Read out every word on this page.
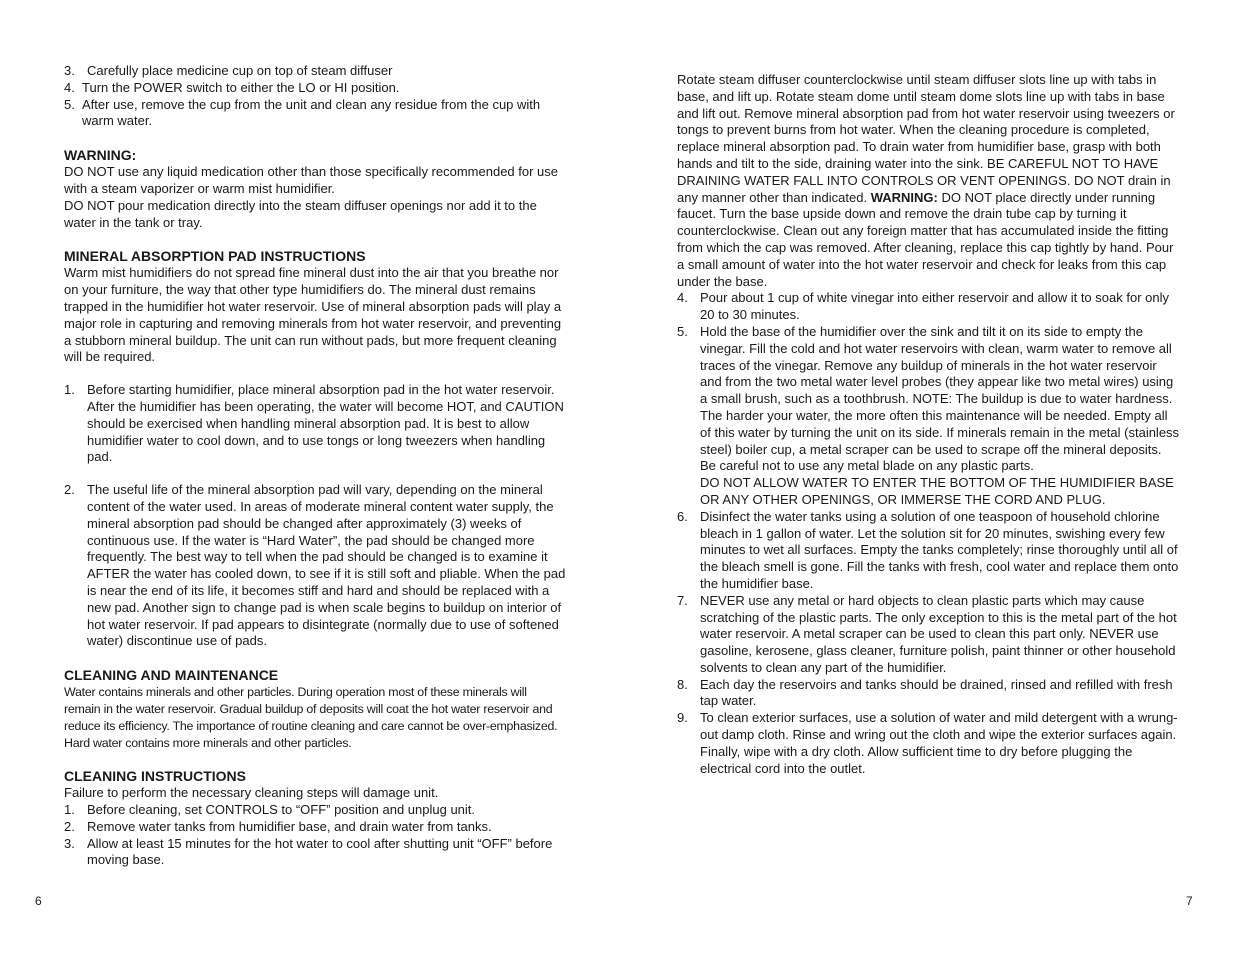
3. Carefully place medicine cup on top of steam diffuser
4. Turn the POWER switch to either the LO or HI position.
5. After use, remove the cup from the unit and clean any residue from the cup with warm water.
WARNING:

DO NOT use any liquid medication other than those specifically recommended for use with a steam vaporizer or warm mist humidifier.

DO NOT pour medication directly into the steam diffuser openings nor add it to the water in the tank or tray.

MINERAL ABSORPTION PAD INSTRUCTIONS

Warm mist humidifiers do not spread fine mineral dust into the air that you breathe nor on your furniture, the way that other type humidifiers do. The mineral dust remains trapped in the humidifier hot water reservoir. Use of mineral absorption pads will play a major role in capturing and removing minerals from hot water reservoir, and preventing a stubborn mineral buildup. The unit can run without pads, but more frequent cleaning will be required.

1. Before starting humidifier, place mineral absorption pad in the hot water reservoir. After the humidifier has been operating, the water will become HOT, and CAUTION should be exercised when handling mineral absorption pad. It is best to allow humidifier water to cool down, and to use tongs or long tweezers when handling pad.
2. The useful life of the mineral absorption pad will vary, depending on the mineral content of the water used. In areas of moderate mineral content water supply, the mineral absorption pad should be changed after approximately (3) weeks of continuous use. If the water is “Hard Water”, the pad should be changed more frequently. The best way to tell when the pad should be changed is to examine it AFTER the water has cooled down, to see if it is still soft and pliable. When the pad is near the end of its life, it becomes stiff and hard and should be replaced with a new pad. Another sign to change pad is when scale begins to buildup on interior of hot water reservoir. If pad appears to disintegrate (normally due to use of softened water) discontinue use of pads.
CLEANING AND MAINTENANCE

Water contains minerals and other particles. During operation most of these minerals will remain in the water reservoir. Gradual buildup of deposits will coat the hot water reservoir and reduce its efficiency. The importance of routine cleaning and care cannot be over-emphasized. Hard water contains more minerals and other particles.

CLEANING INSTRUCTIONS

Failure to perform the necessary cleaning steps will damage unit.

1. Before cleaning, set CONTROLS to “OFF” position and unplug unit.
2. Remove water tanks from humidifier base, and drain water from tanks.
3. Allow at least 15 minutes for the hot water to cool after shutting unit “OFF” before moving base.
6

Rotate steam diffuser counterclockwise until steam diffuser slots line up with tabs in base, and lift up. Rotate steam dome until steam dome slots line up with tabs in base and lift out. Remove mineral absorption pad from hot water reservoir using tweezers or tongs to prevent burns from hot water. When the cleaning procedure is completed, replace mineral absorption pad. To drain water from humidifier base, grasp with both hands and tilt to the side, draining water into the sink. BE CAREFUL NOT TO HAVE DRAINING WATER FALL INTO CONTROLS OR VENT OPENINGS. DO NOT drain in any manner other than indicated. WARNING: DO NOT place directly under running faucet. Turn the base upside down and remove the drain tube cap by turning it counterclockwise. Clean out any foreign matter that has accumulated inside the fitting from which the cap was removed. After cleaning, replace this cap tightly by hand. Pour a small amount of water into the hot water reservoir and check for leaks from this cap under the base.

4. Pour about 1 cup of white vinegar into either reservoir and allow it to soak for only 20 to 30 minutes.
5. Hold the base of the humidifier over the sink and tilt it on its side to empty the vinegar. Fill the cold and hot water reservoirs with clean, warm water to remove all traces of the vinegar. Remove any buildup of minerals in the hot water reservoir and from the two metal water level probes (they appear like two metal wires) using a small brush, such as a toothbrush. NOTE: The buildup is due to water hardness. The harder your water, the more often this maintenance will be needed. Empty all of this water by turning the unit on its side. If minerals remain in the metal (stainless steel) boiler cup, a metal scraper can be used to scrape off the mineral deposits. Be careful not to use any metal blade on any plastic parts.
DO NOT ALLOW WATER TO ENTER THE BOTTOM OF THE HUMIDIFIER BASE OR ANY OTHER OPENINGS, OR IMMERSE THE CORD AND PLUG.
6. Disinfect the water tanks using a solution of one teaspoon of household chlorine bleach in 1 gallon of water. Let the solution sit for 20 minutes, swishing every few minutes to wet all surfaces. Empty the tanks completely; rinse thoroughly until all of the bleach smell is gone. Fill the tanks with fresh, cool water and replace them onto the humidifier base.
7. NEVER use any metal or hard objects to clean plastic parts which may cause scratching of the plastic parts. The only exception to this is the metal part of the hot water reservoir. A metal scraper can be used to clean this part only. NEVER use gasoline, kerosene, glass cleaner, furniture polish, paint thinner or other household solvents to clean any part of the humidifier.
8. Each day the reservoirs and tanks should be drained, rinsed and refilled with fresh tap water.
9. To clean exterior surfaces, use a solution of water and mild detergent with a wrung-out damp cloth. Rinse and wring out the cloth and wipe the exterior surfaces again. Finally, wipe with a dry cloth. Allow sufficient time to dry before plugging the electrical cord into the outlet.
7
